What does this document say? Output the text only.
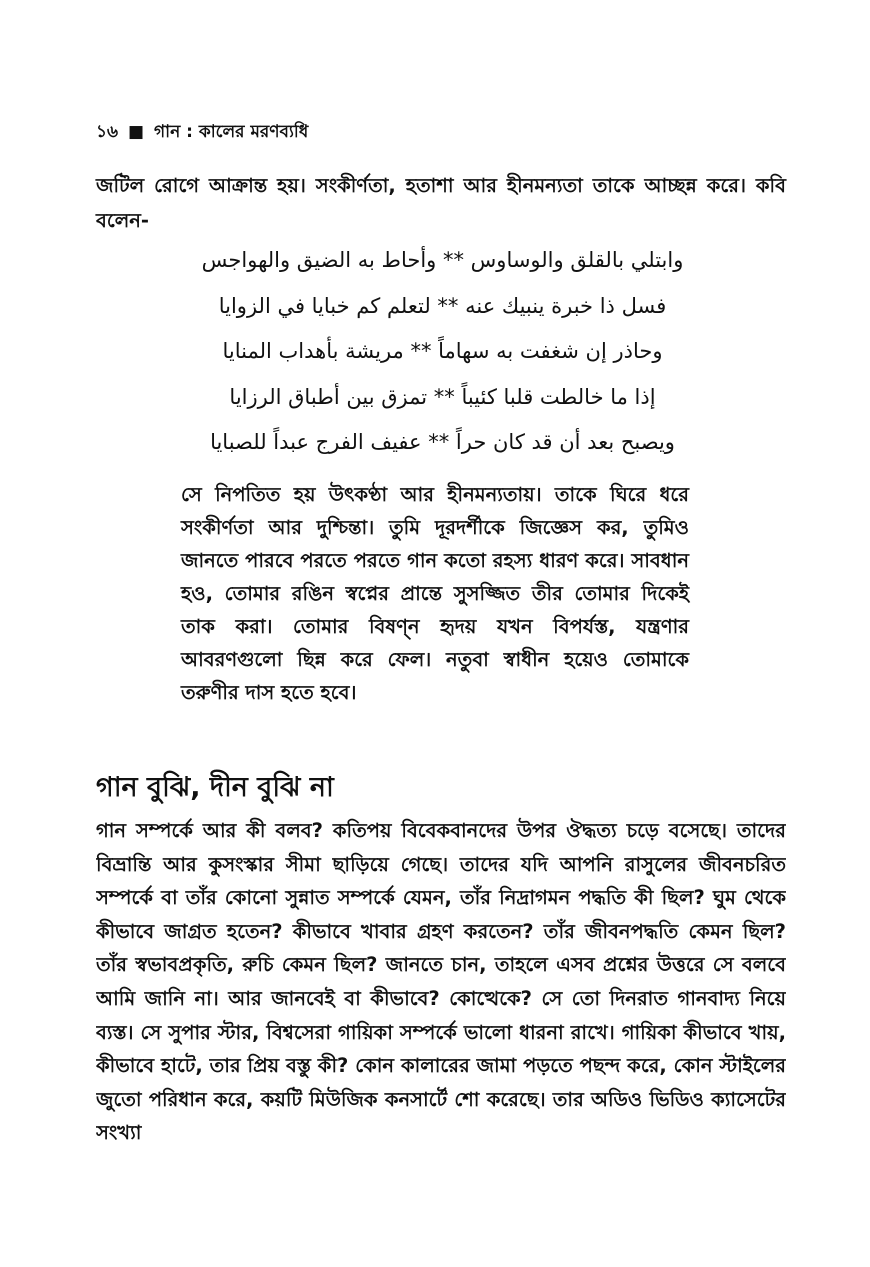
১৬ ■ গান : কালের মরণব্যধি

জটিল রোগে আক্রান্ত হয়। সংকীর্ণতা, হতাশা আর হীনমন্যতা তাকে আচ্ছন্ন করে। কবি বলেন-

وابتلي بالقلق والوساوس ** وأحاط به الضيق والهواجس
فسل ذا خبرة ينبيك عنه ** لتعلم كم خبايا في الزوايا
وحاذر إن شغفت به سهاماً ** مريشة بأهداب المنايا
إذا ما خالطت قلبا كئيباً ** تمزق بين أطباق الرزايا
ويصبح بعد أن قد كان حراً ** عفيف الفرج عبداً للصبايا

সে নিপতিত হয় উৎকণ্ঠা আর হীনমন্যতায়। তাকে ঘিরে ধরে সংকীর্ণতা আর দুশ্চিন্তা। তুমি দূরদর্শীকে জিজ্ঞেস কর, তুমিও জানতে পারবে পরতে পরতে গান কতো রহস্য ধারণ করে। সাবধান হও, তোমার রঙিন স্বপ্নের প্রান্তে সুসজ্জিত তীর তোমার দিকেই তাক করা। তোমার বিষণ্ন হৃদয় যখন বিপর্যস্ত, যন্ত্রণার আবরণগুলো ছিন্ন করে ফেল। নতুবা স্বাধীন হয়েও তোমাকে তরুণীর দাস হতে হবে।

গান বুঝি, দীন বুঝি না

গান সম্পর্কে আর কী বলব? কতিপয় বিবেকবানদের উপর ঔদ্ধত্য চড়ে বসেছে। তাদের বিভ্রান্তি আর কুসংস্কার সীমা ছাড়িয়ে গেছে। তাদের যদি আপনি রাসুলের জীবনচরিত সম্পর্কে বা তাঁর কোনো সুন্নাত সম্পর্কে যেমন, তাঁর নিদ্রাগমন পদ্ধতি কী ছিল? ঘুম থেকে কীভাবে জাগ্রত হতেন? কীভাবে খাবার গ্রহণ করতেন? তাঁর জীবনপদ্ধতি কেমন ছিল? তাঁর স্বভাবপ্রকৃতি, রুচি কেমন ছিল? জানতে চান, তাহলে এসব প্রশ্নের উত্তরে সে বলবে আমি জানি না। আর জানবেই বা কীভাবে? কোত্থেকে? সে তো দিনরাত গানবাদ্য নিয়ে ব্যস্ত। সে সুপার স্টার, বিশ্বসেরা গায়িকা সম্পর্কে ভালো ধারনা রাখে। গায়িকা কীভাবে খায়, কীভাবে হাটে, তার প্রিয় বস্তু কী? কোন কালারের জামা পড়তে পছন্দ করে, কোন স্টাইলের জুতো পরিধান করে, কয়টি মিউজিক কনসার্টে শো করেছে। তার অডিও ভিডিও ক্যাসেটের সংখ্যা
